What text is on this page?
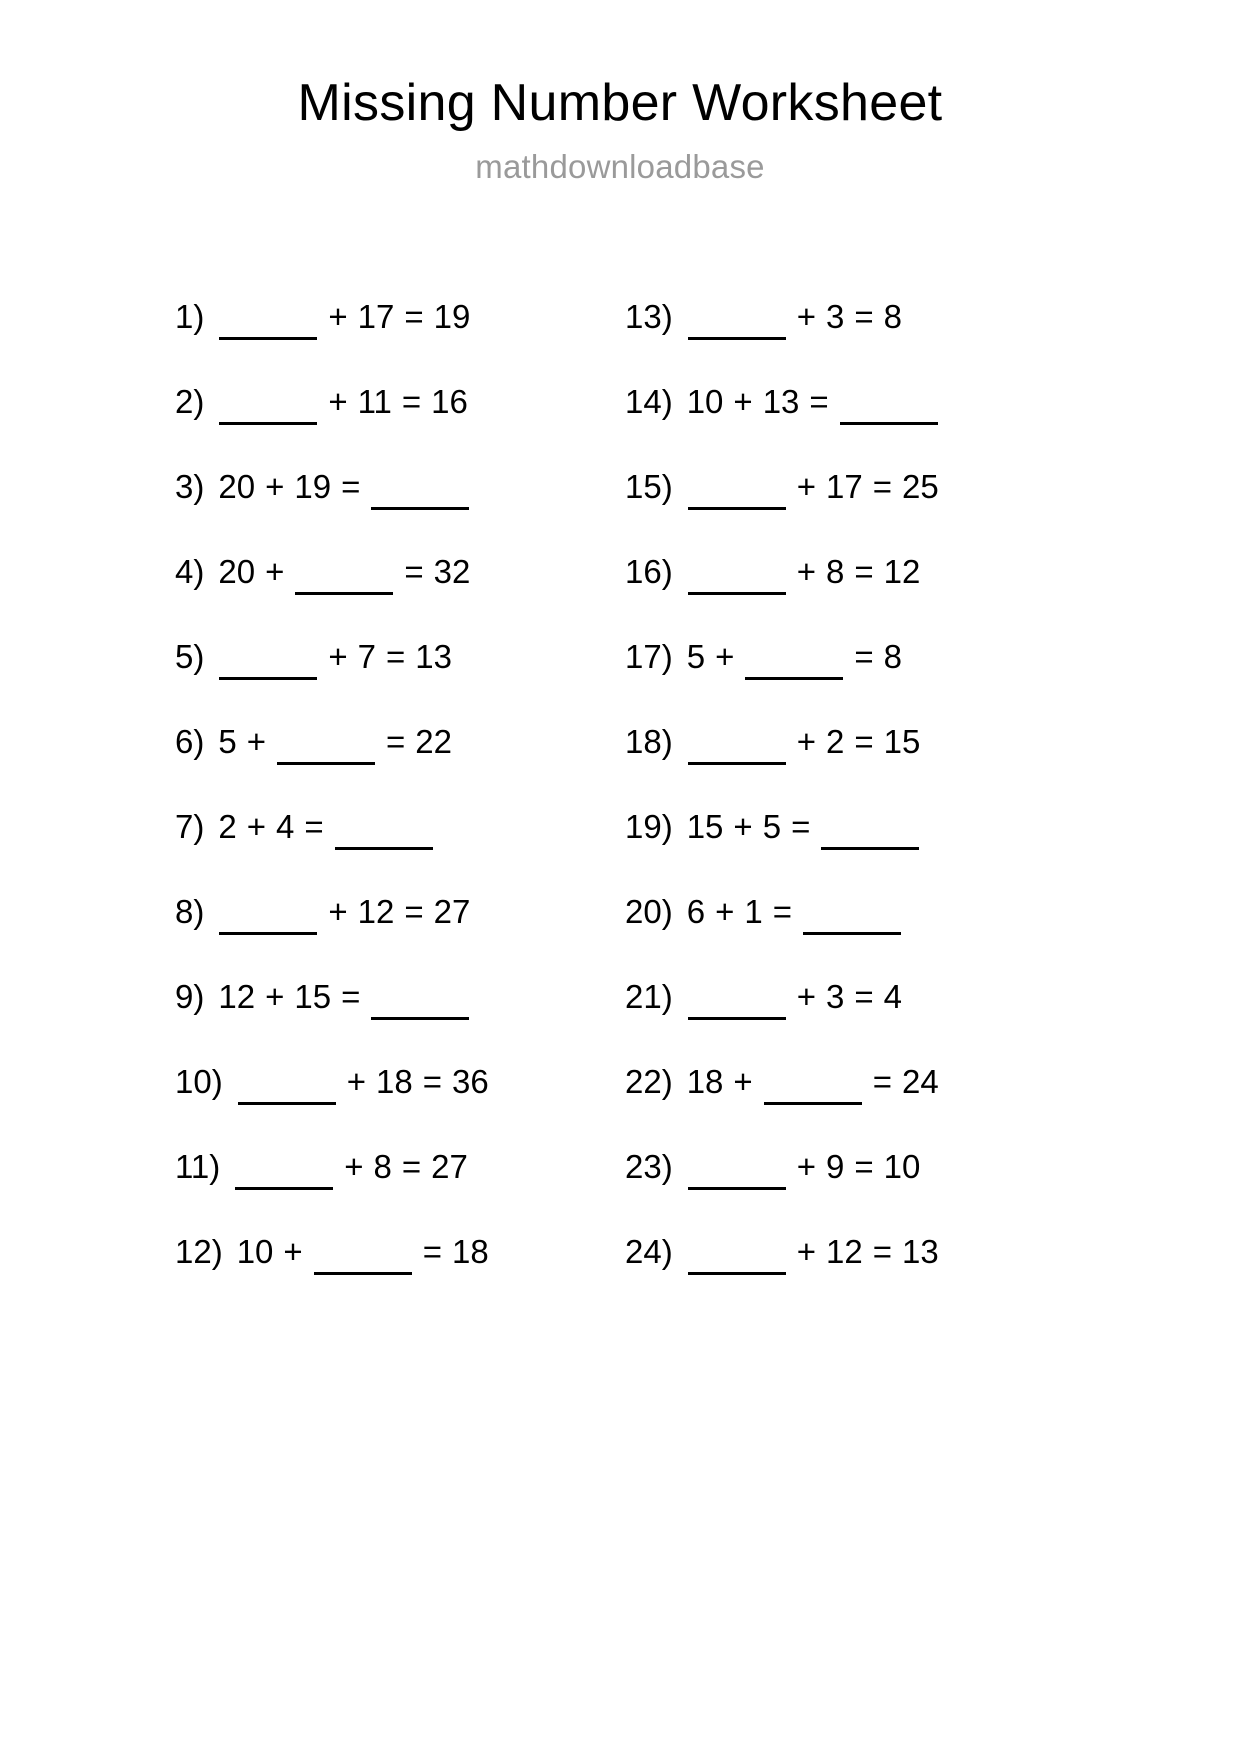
Missing Number Worksheet
mathdownloadbase
1)	+ 17 = 19
2)	+ 11 = 16
3) 20 + 19 =
4) 20 +	= 32
5)	+ 7 = 13
6) 5 +	= 22
7) 2 + 4 =
8)	+ 12 = 27
9) 12 + 15 =
10)	+ 18 = 36
11)	+ 8 = 27
12) 10 +	= 18
13)	+ 3 = 8
14) 10 + 13 =
15)	+ 17 = 25
16)	+ 8 = 12
17) 5 +	= 8
18)	+ 2 = 15
19) 15 + 5 =
20) 6 + 1 =
21)	+ 3 = 4
22) 18 +	= 24
23)	+ 9 = 10
24)	+ 12 = 13
